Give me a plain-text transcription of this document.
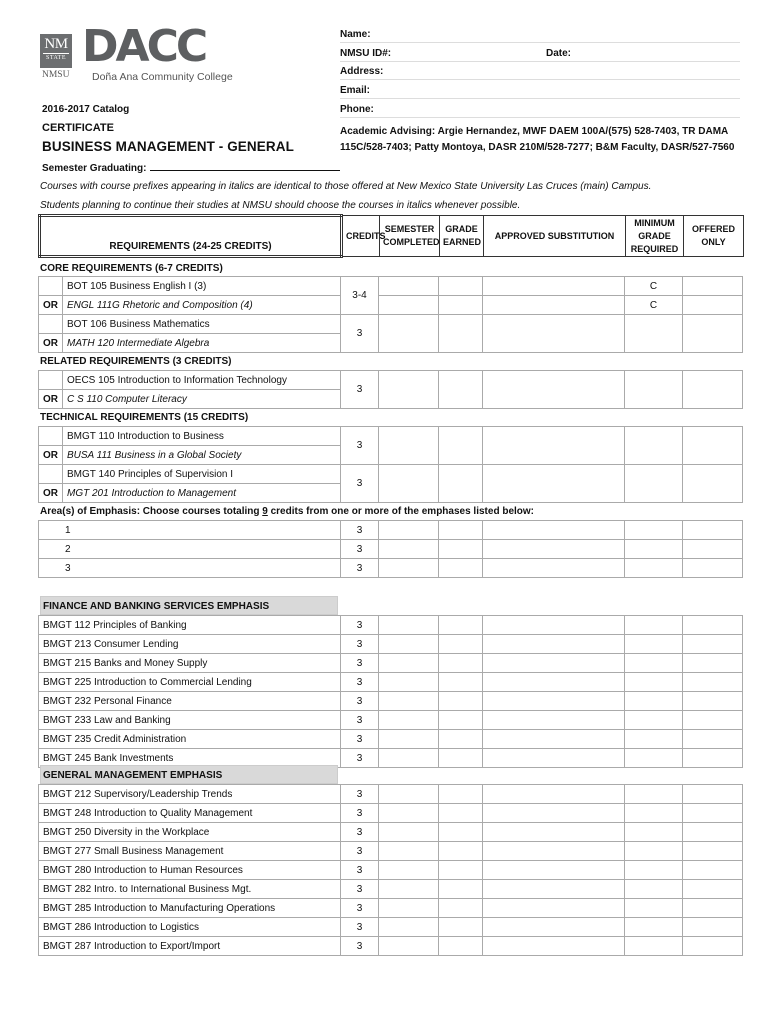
NM
STATE
NMSU
DACC
Doña Ana Community College
Name:
NMSU ID#:	Date:
Address:
Email:
Phone:
2016-2017 Catalog
CERTIFICATE
BUSINESS MANAGEMENT - GENERAL
Semester Graduating:
Academic Advising: Argie Hernandez, MWF DAEM 100A/(575) 528-7403, TR DAMA 115C/528-7403; Patty Montoya, DASR 210M/528-7277; B&M Faculty, DASR/527-7560
Courses with course prefixes appearing in italics are identical to those offered at New Mexico State University Las Cruces (main) Campus.
Students planning to continue their studies at NMSU should choose the courses in italics whenever possible.
REQUIREMENTS (24-25 CREDITS)	CREDITS	SEMESTER COMPLETED	GRADE EARNED	APPROVED SUBSTITUTION	MINIMUM GRADE REQUIRED	OFFERED ONLY
CORE REQUIREMENTS (6-7 CREDITS)
	BOT 105 Business English I (3)	3-4				C	
OR	ENGL 111G Rhetoric and Composition (4)					C	
	BOT 106 Business Mathematics	3					
OR	MATH 120 Intermediate Algebra						
RELATED REQUIREMENTS (3 CREDITS)
	OECS 105 Introduction to Information Technology	3					
OR	C S 110 Computer Literacy						
TECHNICAL REQUIREMENTS (15 CREDITS)
	BMGT 110 Introduction to Business	3					
OR	BUSA 111 Business in a Global Society						
	BMGT 140 Principles of Supervision I	3					
OR	MGT 201 Introduction to Management						
Area(s) of Emphasis: Choose courses totaling 9 credits from one or more of the emphases listed below:
1	3					
2	3					
3	3					
FINANCE AND BANKING SERVICES EMPHASIS
BMGT 112 Principles of Banking	3					
BMGT 213 Consumer Lending	3					
BMGT 215 Banks and Money Supply	3					
BMGT 225 Introduction to Commercial Lending	3					
BMGT 232 Personal Finance	3					
BMGT 233 Law and Banking	3					
BMGT 235 Credit Administration	3					
BMGT 245 Bank Investments	3					
GENERAL MANAGEMENT EMPHASIS
BMGT 212 Supervisory/Leadership Trends	3					
BMGT 248 Introduction to Quality Management	3					
BMGT 250 Diversity in the Workplace	3					
BMGT 277 Small Business Management	3					
BMGT 280 Introduction to Human Resources	3					
BMGT 282 Intro. to International Business Mgt.	3					
BMGT 285 Introduction to Manufacturing Operations	3					
BMGT 286 Introduction to Logistics	3					
BMGT 287 Introduction to Export/Import	3					
